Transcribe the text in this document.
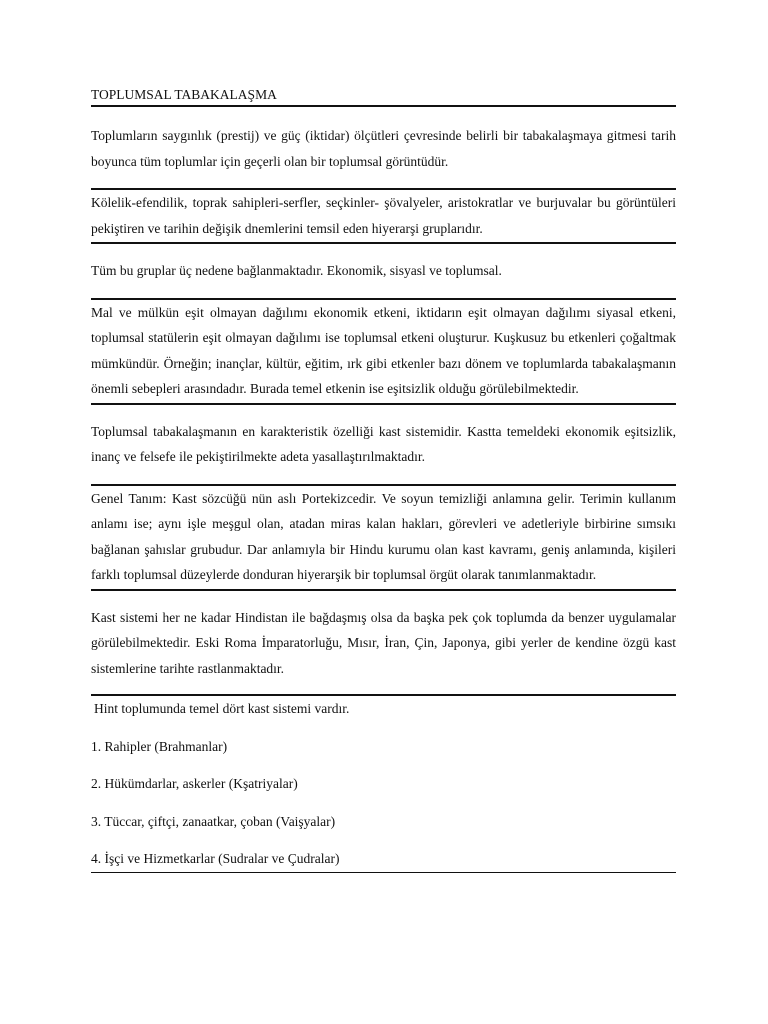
TOPLUMSAL TABAKALAŞMA
Toplumların saygınlık (prestij) ve güç (iktidar) ölçütleri çevresinde belirli bir tabakalaşmaya gitmesi tarih boyunca tüm toplumlar için geçerli olan bir toplumsal görüntüdür.
Kölelik-efendilik, toprak sahipleri-serfler, seçkinler- şövalyeler, aristokratlar ve burjuvalar bu görüntüleri pekiştiren ve tarihin değişik dnemlerini temsil eden hiyerarşi gruplarıdır.
Tüm bu gruplar üç nedene bağlanmaktadır. Ekonomik, sisyasl ve toplumsal.
Mal ve mülkün eşit olmayan dağılımı ekonomik etkeni, iktidarın eşit olmayan dağılımı siyasal etkeni, toplumsal statülerin eşit olmayan dağılımı ise toplumsal etkeni oluşturur. Kuşkusuz bu etkenleri çoğaltmak mümkündür. Örneğin; inançlar, kültür, eğitim, ırk gibi etkenler bazı dönem ve toplumlarda tabakalaşmanın önemli sebepleri arasındadır. Burada temel etkenin ise eşitsizlik olduğu görülebilmektedir.
Toplumsal tabakalaşmanın en karakteristik özelliği kast sistemidir. Kastta temeldeki ekonomik eşitsizlik, inanç ve felsefe ile pekiştirilmekte adeta yasallaştırılmaktadır.
Genel Tanım: Kast sözcüğü nün aslı Portekizcedir. Ve soyun temizliği anlamına gelir. Terimin kullanım anlamı ise; aynı işle meşgul olan, atadan miras kalan hakları, görevleri ve adetleriyle birbirine sımsıkı bağlanan şahıslar grubudur. Dar anlamıyla bir Hindu kurumu olan kast kavramı, geniş anlamında, kişileri farklı toplumsal düzeylerde donduran hiyerarşik bir toplumsal örgüt olarak tanımlanmaktadır.
Kast sistemi her ne kadar Hindistan ile bağdaşmış olsa da başka pek çok toplumda da benzer uygulamalar görülebilmektedir. Eski Roma İmparatorluğu, Mısır, İran, Çin, Japonya, gibi yerler de kendine özgü kast sistemlerine tarihte rastlanmaktadır.
Hint toplumunda temel dört kast sistemi vardır.
1. Rahipler (Brahmanlar)
2. Hükümdarlar, askerler (Kşatriyalar)
3. Tüccar, çiftçi, zanaatkar, çoban (Vaişyalar)
4. İşçi ve Hizmetkarlar (Sudralar ve Çudralar)
